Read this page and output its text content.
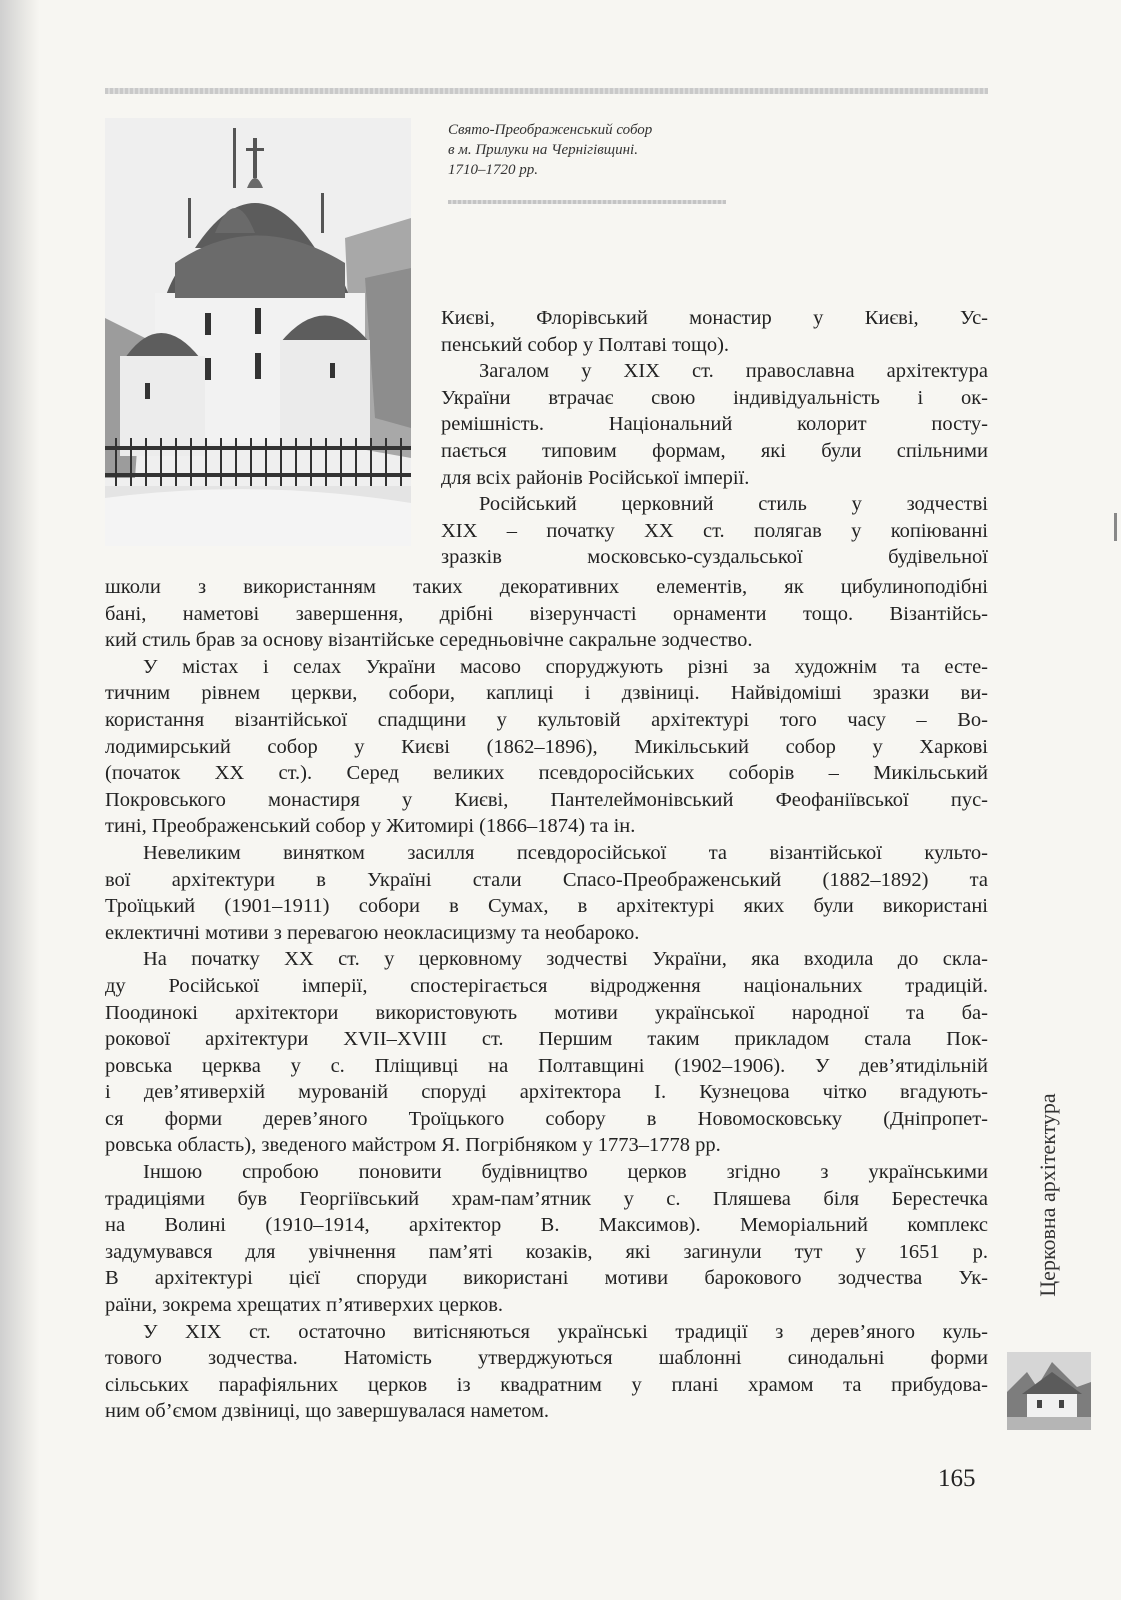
Свято-Преображенський собор
в м. Прилуки на Чернігівщині.
1710–1720 рр.
Києві, Флорівський монастир у Києві, Ус-
пенський собор у Полтаві тощо).
Загалом у XIX ст. православна архітектура
України втрачає свою індивідуальність і ок-
ремішність. Національний колорит посту-
пається типовим формам, які були спільними
для всіх районів Російської імперії.
Російський церковний стиль у зодчестві
XIX – початку XX ст. полягав у копіюванні
зразків московсько-суздальської будівельної
школи з використанням таких декоративних елементів, як цибулиноподібні
бані, наметові завершення, дрібні візерунчасті орнаменти тощо. Візантійсь-
кий стиль брав за основу візантійське середньовічне сакральне зодчество.
У містах і селах України масово споруджують різні за художнім та есте-
тичним рівнем церкви, собори, каплиці і дзвіниці. Найвідоміші зразки ви-
користання візантійської спадщини у культовій архітектурі того часу – Во-
лодимирський собор у Києві (1862–1896), Микільський собор у Харкові
(початок XX ст.). Серед великих псевдоросійських соборів – Микільський
Покровського монастиря у Києві, Пантелеймонівський Феофаніївської пус-
тині, Преображенський собор у Житомирі (1866–1874) та ін.
Невеликим винятком засилля псевдоросійської та візантійської культо-
вої архітектури в Україні стали Спасо-Преображенський (1882–1892) та
Троїцький (1901–1911) собори в Сумах, в архітектурі яких були використані
еклектичні мотиви з перевагою неокласицизму та необароко.
На початку XX ст. у церковному зодчестві України, яка входила до скла-
ду Російської імперії, спостерігається відродження національних традицій.
Поодинокі архітектори використовують мотиви української народної та ба-
рокової архітектури XVII–XVIII ст. Першим таким прикладом стала Пок-
ровська церква у с. Пліщивці на Полтавщині (1902–1906). У дев’ятидільній
і дев’ятиверхій мурованій споруді архітектора І. Кузнецова чітко вгадують-
ся форми дерев’яного Троїцького собору в Новомосковську (Дніпропет-
ровська область), зведеного майстром Я. Погрібняком у 1773–1778 рр.
Іншою спробою поновити будівництво церков згідно з українськими
традиціями був Георгіївський храм-пам’ятник у с. Пляшева біля Берестечка
на Волині (1910–1914, архітектор В. Максимов). Меморіальний комплекс
задумувався для увічнення пам’яті козаків, які загинули тут у 1651 р.
В архітектурі цієї споруди використані мотиви барокового зодчества Ук-
раїни, зокрема хрещатих п’ятиверхих церков.
У XIX ст. остаточно витісняються українські традиції з дерев’яного куль-
тового зодчества. Натомість утверджуються шаблонні синодальні форми
сільських парафіяльних церков із квадратним у плані храмом та прибудова-
ним об’ємом дзвіниці, що завершувалася наметом.
Церковна архітектура
165
